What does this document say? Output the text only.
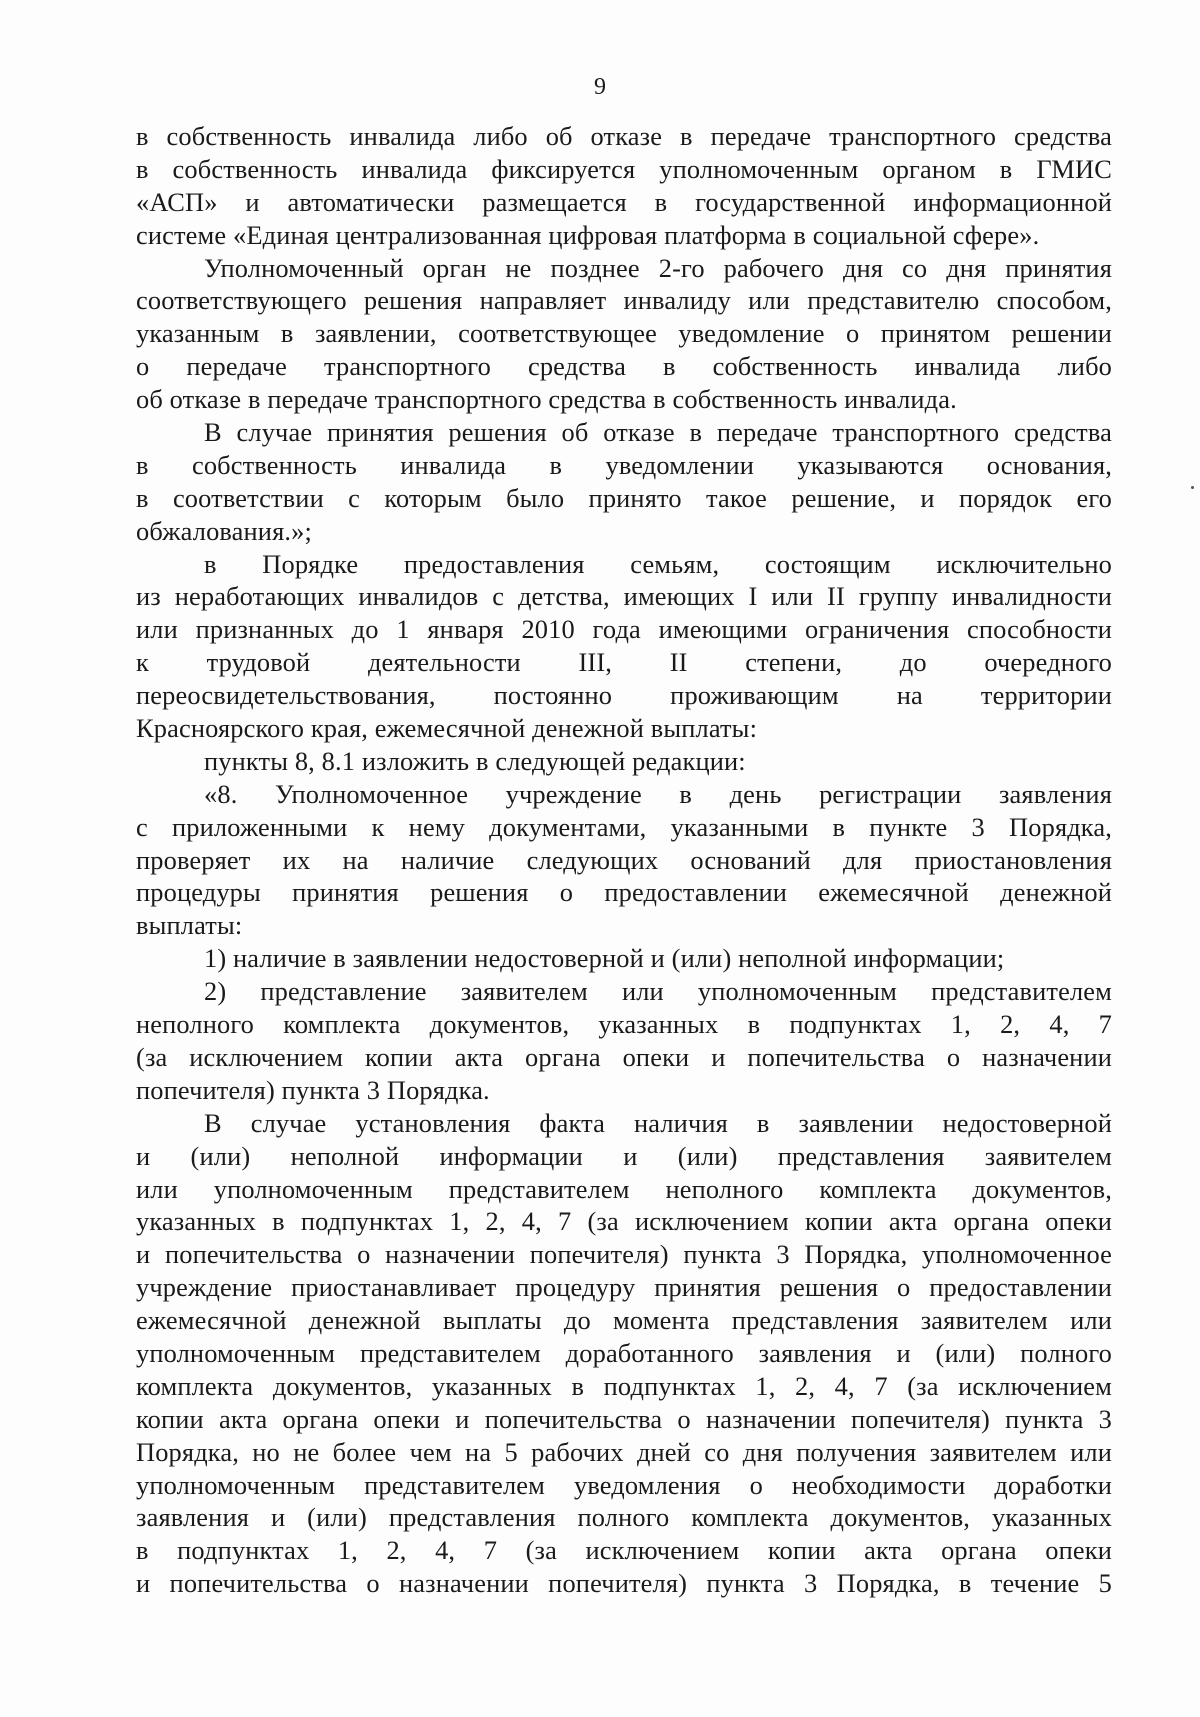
9
в собственность инвалида либо об отказе в передаче транспортного средства
в собственность инвалида фиксируется уполномоченным органом в ГМИС
«АСП» и автоматически размещается в государственной информационной
системе «Единая централизованная цифровая платформа в социальной сфере».
Уполномоченный орган не позднее 2-го рабочего дня со дня принятия
соответствующего решения направляет инвалиду или представителю способом,
указанным в заявлении, соответствующее уведомление о принятом решении
о передаче транспортного средства в собственность инвалида либо
об отказе в передаче транспортного средства в собственность инвалида.
В случае принятия решения об отказе в передаче транспортного средства
в собственность инвалида в уведомлении указываются основания,
в соответствии с которым было принято такое решение, и порядок его
обжалования.»;
в Порядке предоставления семьям, состоящим исключительно
из неработающих инвалидов с детства, имеющих I или II группу инвалидности
или признанных до 1 января 2010 года имеющими ограничения способности
к трудовой деятельности III, II степени, до очередного
переосвидетельствования, постоянно проживающим на территории
Красноярского края, ежемесячной денежной выплаты:
пункты 8, 8.1 изложить в следующей редакции:
«8. Уполномоченное учреждение в день регистрации заявления
с приложенными к нему документами, указанными в пункте 3 Порядка,
проверяет их на наличие следующих оснований для приостановления
процедуры принятия решения о предоставлении ежемесячной денежной
выплаты:
1) наличие в заявлении недостоверной и (или) неполной информации;
2) представление заявителем или уполномоченным представителем
неполного комплекта документов, указанных в подпунктах 1, 2, 4, 7
(за исключением копии акта органа опеки и попечительства о назначении
попечителя) пункта 3 Порядка.
В случае установления факта наличия в заявлении недостоверной
и (или) неполной информации и (или) представления заявителем
или уполномоченным представителем неполного комплекта документов,
указанных в подпунктах 1, 2, 4, 7 (за исключением копии акта органа опеки
и попечительства о назначении попечителя) пункта 3 Порядка, уполномоченное
учреждение приостанавливает процедуру принятия решения о предоставлении
ежемесячной денежной выплаты до момента представления заявителем или
уполномоченным представителем доработанного заявления и (или) полного
комплекта документов, указанных в подпунктах 1, 2, 4, 7 (за исключением
копии акта органа опеки и попечительства о назначении попечителя) пункта 3
Порядка, но не более чем на 5 рабочих дней со дня получения заявителем или
уполномоченным представителем уведомления о необходимости доработки
заявления и (или) представления полного комплекта документов, указанных
в подпунктах 1, 2, 4, 7 (за исключением копии акта органа опеки
и попечительства о назначении попечителя) пункта 3 Порядка, в течение 5
